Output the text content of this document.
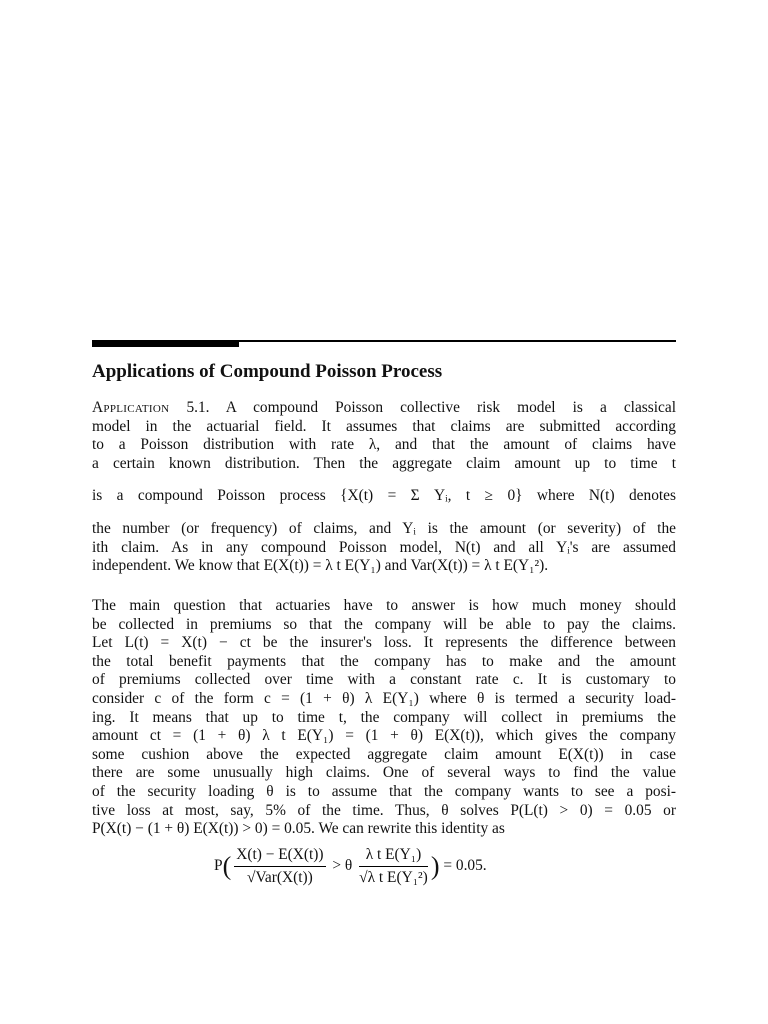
Applications of Compound Poisson Process
Application 5.1. A compound Poisson collective risk model is a classical
model in the actuarial field. It assumes that claims are submitted according
to a Poisson distribution with rate λ, and that the amount of claims have
a certain known distribution. Then the aggregate claim amount up to time t
is a compound Poisson process {X(t) = Σ Yᵢ, t ≥ 0} where N(t) denotes
the number (or frequency) of claims, and Yᵢ is the amount (or severity) of the
ith claim. As in any compound Poisson model, N(t) and all Yᵢ's are assumed
independent. We know that E(X(t)) = λ t E(Y₁) and Var(X(t)) = λ t E(Y₁²).
The main question that actuaries have to answer is how much money should
be collected in premiums so that the company will be able to pay the claims.
Let L(t) = X(t) − ct be the insurer's loss. It represents the difference between
the total benefit payments that the company has to make and the amount
of premiums collected over time with a constant rate c. It is customary to
consider c of the form c = (1 + θ) λ E(Y₁) where θ is termed a security load-
ing. It means that up to time t, the company will collect in premiums the
amount ct = (1 + θ) λ t E(Y₁) = (1 + θ) E(X(t)), which gives the company
some cushion above the expected aggregate claim amount E(X(t)) in case
there are some unusually high claims. One of several ways to find the value
of the security loading θ is to assume that the company wants to see a posi-
tive loss at most, say, 5% of the time. Thus, θ solves P(L(t) > 0) = 0.05 or
P(X(t) − (1 + θ) E(X(t)) > 0) = 0.05. We can rewrite this identity as
$P( \frac{X(t) - E(X(t))}{\text{√Var(X(t))}} > \theta \frac{\text{λ t E(Y₁)}}{\text{√λ t E(Y₁²)}}$ ) = 0.05.
